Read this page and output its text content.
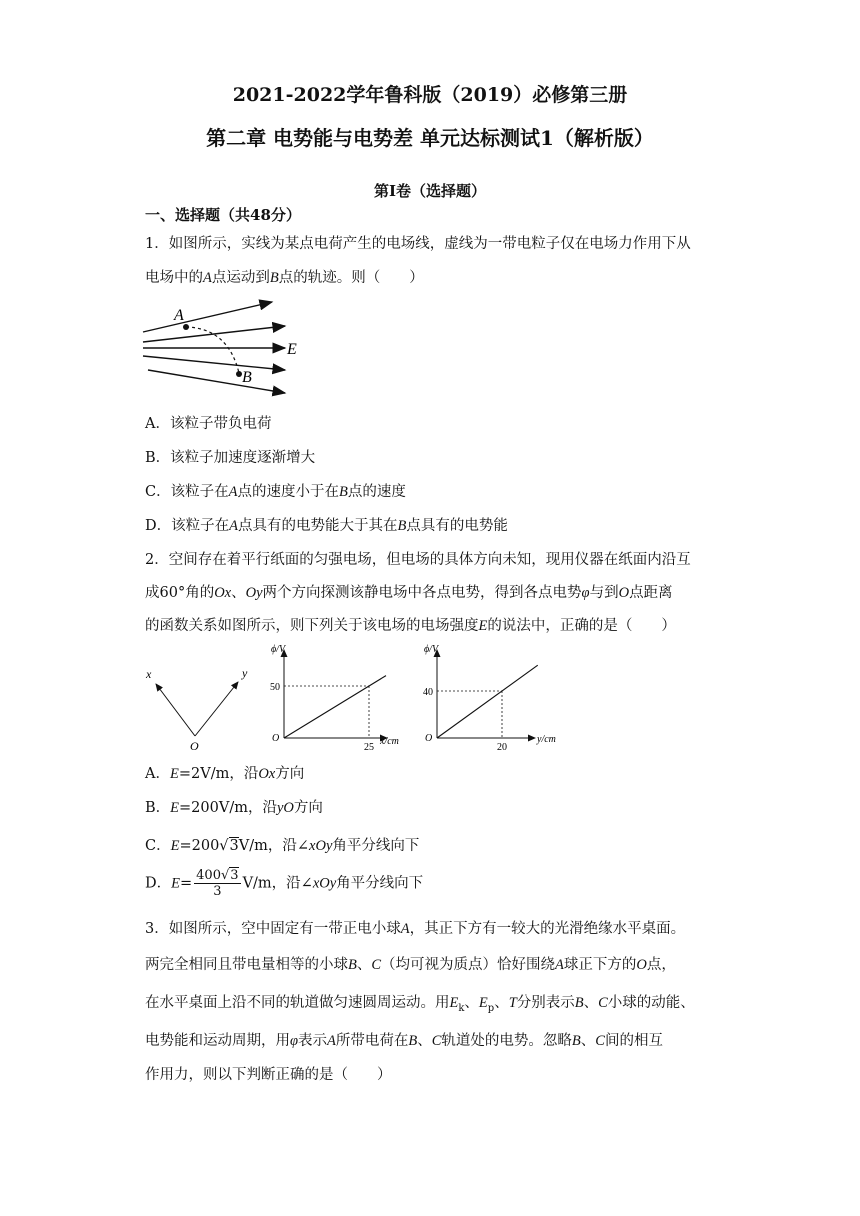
2021-2022学年鲁科版（2019）必修第三册
第二章 电势能与电势差 单元达标测试1（解析版）
第Ⅰ卷（选择题）
一、选择题（共48分）
1．如图所示，实线为某点电荷产生的电场线，虚线为一带电粒子仅在电场力作用下从
电场中的A点运动到B点的轨迹。则（　　）
A
B
E
A．该粒子带负电荷
B．该粒子加速度逐渐增大
C．该粒子在A点的速度小于在B点的速度
D．该粒子在A点具有的电势能大于其在B点具有的电势能
2．空间存在着平行纸面的匀强电场，但电场的具体方向未知，现用仪器在纸面内沿互
成60°角的Ox、Oy两个方向探测该静电场中各点电势，得到各点电势φ与到O点距离
的函数关系如图所示，则下列关于该电场的电场强度E的说法中，正确的是（　　）
x	y
O
ϕ/V
x/cm
O
50
25
ϕ/V
y/cm
O
40
20
A．E=2V/m，沿Ox方向
B．E=200V/m，沿yO方向
C．E=200√3V/m，沿∠xOy角平分线向下
D．$E= \frac{400√3}{3} V/m$，沿∠xOy角平分线向下
3．如图所示，空中固定有一带正电小球A，其正下方有一较大的光滑绝缘水平桌面。
两完全相同且带电量相等的小球B、C（均可视为质点）恰好围绕A球正下方的O点，
在水平桌面上沿不同的轨道做匀速圆周运动。用$E_k$、$E_p$、T分别表示B、C小球的动能、
电势能和运动周期，用φ表示A所带电荷在B、C轨道处的电势。忽略B、C间的相互
作用力，则以下判断正确的是（　　）
